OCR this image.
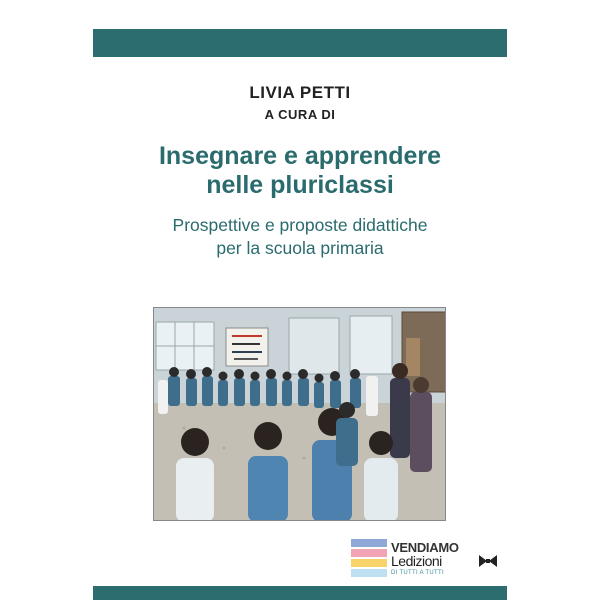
LIVIA PETTI
A CURA DI
Insegnare e apprendere
nelle pluriclassi
Prospettive e proposte didattiche
per la scuola primaria
VENDIAMO
Ledizioni
DI TUTTI A TUTTI
